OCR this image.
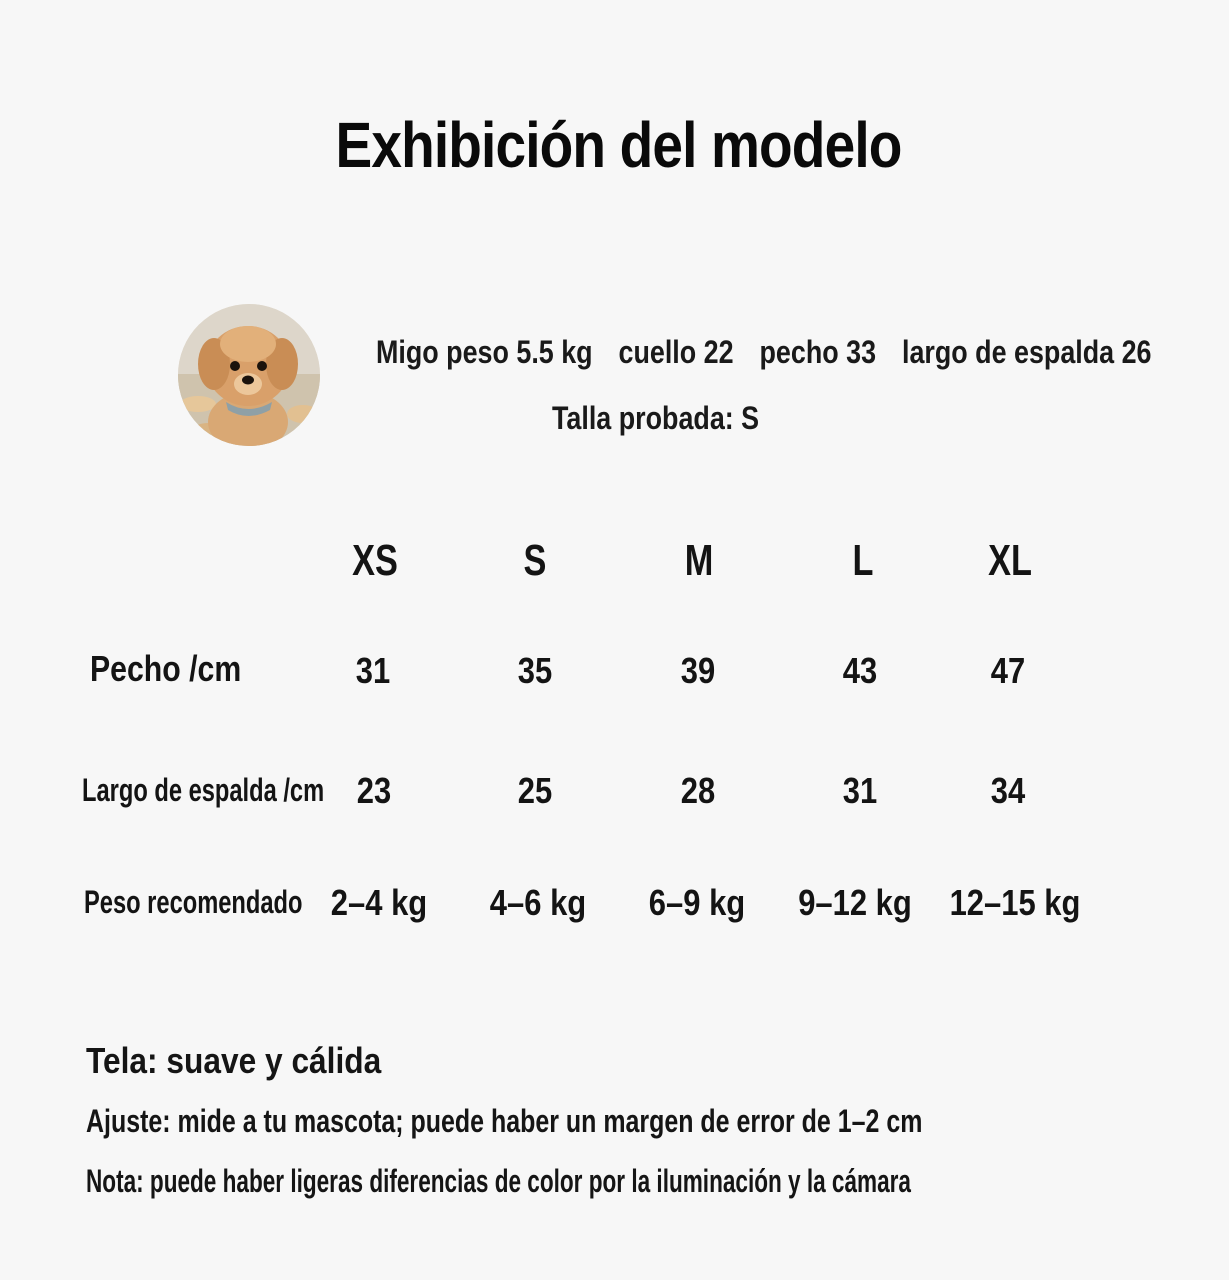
Exhibición del modelo
Migo peso 5.5 kg cuello 22 pecho 33 largo de espalda 26
Talla probada: S
XS	S	M	L	XL
Pecho /cm	31	35	39	43	47
Largo de espalda /cm 23	25	28	31	34
Peso recomendado 2–4 kg 4–6 kg 6–9 kg 9–12 kg 12–15 kg
Tela: suave y cálida
Ajuste: mide a tu mascota; puede haber un margen de error de 1–2 cm
Nota: puede haber ligeras diferencias de color por la iluminación y la cámara
